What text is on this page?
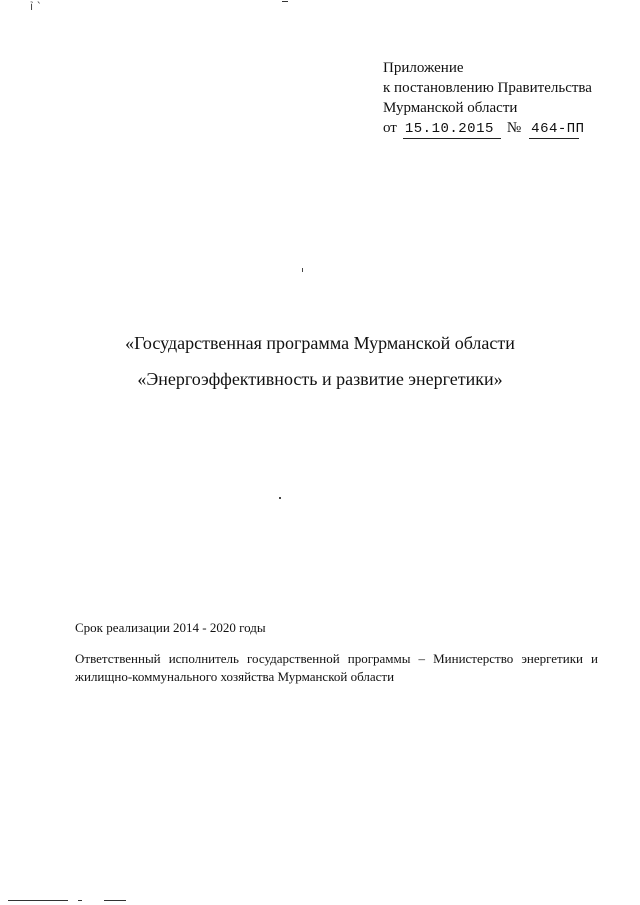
ỉ ˋ
Приложение
к постановлению Правительства
Мурманской области
от 15.10.2015 № 464-ПП
«Государственная программа Мурманской области
«Энергоэффективность и развитие энергетики»
Срок реализации 2014 - 2020 годы
Ответственный исполнитель государственной программы – Министерство энергетики и жилищно-коммунального хозяйства Мурманской области
